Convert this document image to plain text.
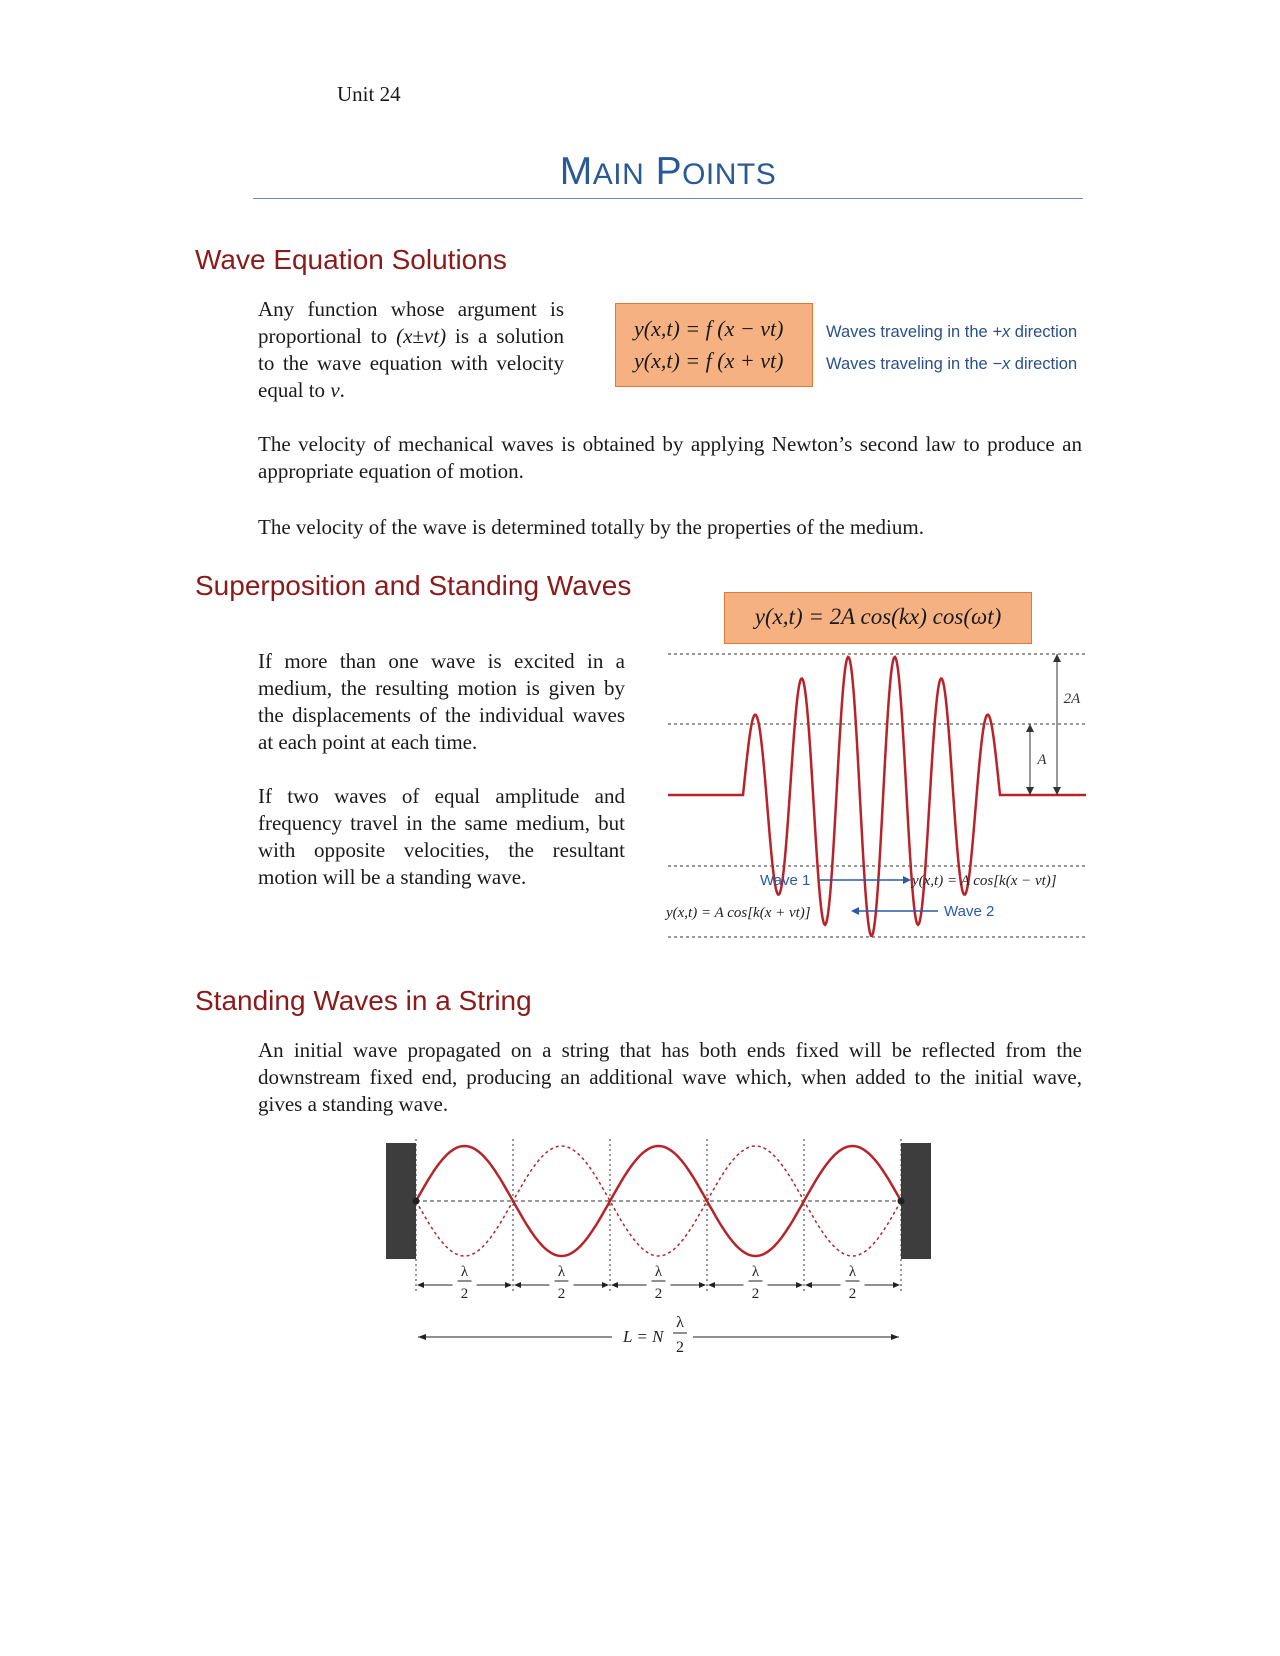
Unit 24
MAIN POINTS
Wave Equation Solutions
Any function whose argument is proportional to (x±vt) is a solution to the wave equation with velocity equal to v.
y(x,t) = f (x − vt)
y(x,t) = f (x + vt)
Waves traveling in the +x direction
Waves traveling in the −x direction
The velocity of mechanical waves is obtained by applying Newton’s second law to produce an appropriate equation of motion.
The velocity of the wave is determined totally by the properties of the medium.
Superposition and Standing Waves
y(x,t) = 2A cos(kx) cos(ωt)
If more than one wave is excited in a medium, the resulting motion is given by the displacements of the individual waves at each point at each time.
If two waves of equal amplitude and frequency travel in the same medium, but with opposite velocities, the resultant motion will be a standing wave.
2A
A
Wave 1	y(x,t) = A cos[k(x − vt)]
y(x,t) = A cos[k(x + vt)]	Wave 2
Standing Waves in a String
An initial wave propagated on a string that has both ends fixed will be reflected from the downstream fixed end, producing an additional wave which, when added to the initial wave, gives a standing wave.
λ
2
λ
2
λ
2
λ
2
λ
2
L = N
λ
2
